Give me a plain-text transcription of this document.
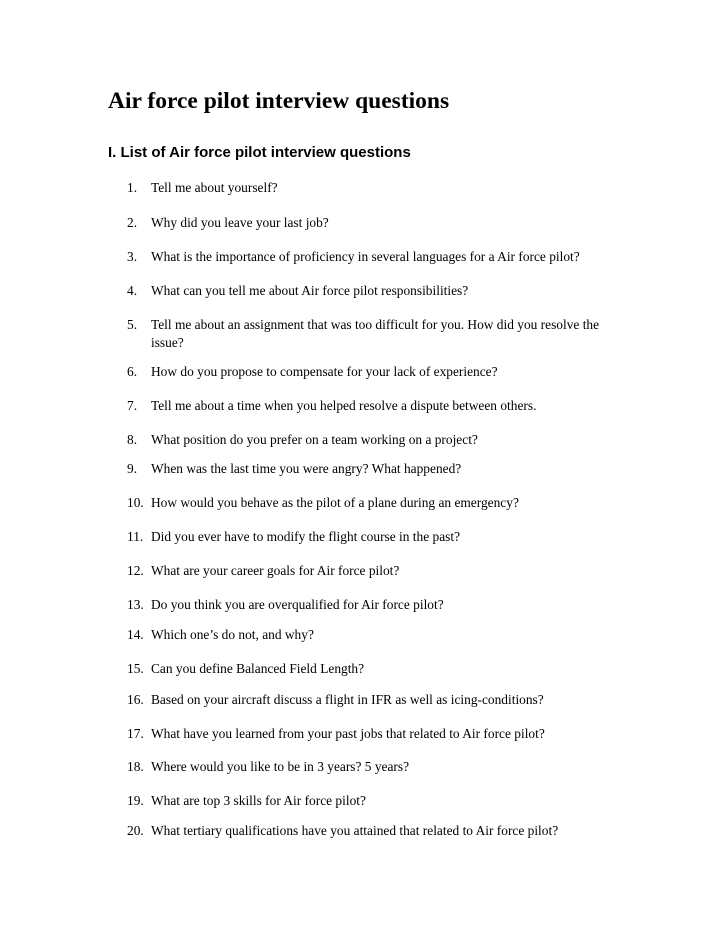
Air force pilot interview questions
I. List of Air force pilot interview questions
1. Tell me about yourself?
2. Why did you leave your last job?
3. What is the importance of proficiency in several languages for a Air force pilot?
4. What can you tell me about Air force pilot responsibilities?
5. Tell me about an assignment that was too difficult for you. How did you resolve the issue?
6. How do you propose to compensate for your lack of experience?
7. Tell me about a time when you helped resolve a dispute between others.
8. What position do you prefer on a team working on a project?
9. When was the last time you were angry? What happened?
10. How would you behave as the pilot of a plane during an emergency?
11. Did you ever have to modify the flight course in the past?
12. What are your career goals for Air force pilot?
13. Do you think you are overqualified for Air force pilot?
14. Which one’s do not, and why?
15. Can you define Balanced Field Length?
16. Based on your aircraft discuss a flight in IFR as well as icing-conditions?
17. What have you learned from your past jobs that related to Air force pilot?
18. Where would you like to be in 3 years? 5 years?
19. What are top 3 skills for Air force pilot?
20. What tertiary qualifications have you attained that related to Air force pilot?
